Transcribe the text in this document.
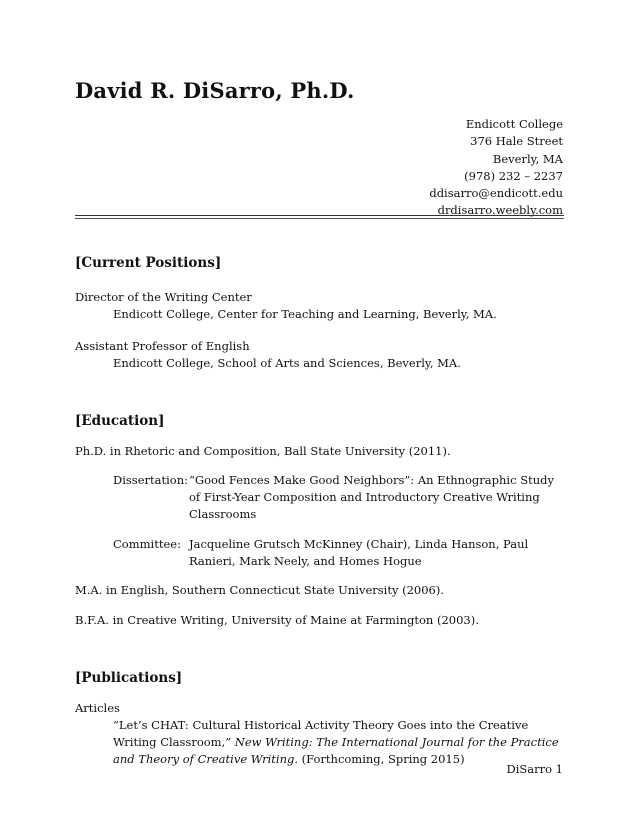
David R. DiSarro, Ph.D.
Endicott College
376 Hale Street
Beverly, MA
(978) 232 – 2237
ddisarro@endicott.edu
drdisarro.weebly.com
[Current Positions]
Director of the Writing Center
Endicott College, Center for Teaching and Learning, Beverly, MA.
Assistant Professor of English
Endicott College, School of Arts and Sciences, Beverly, MA.
[Education]
Ph.D. in Rhetoric and Composition, Ball State University (2011).
Dissertation: “Good Fences Make Good Neighbors”: An Ethnographic Study of First-Year Composition and Introductory Creative Writing Classrooms
Committee: Jacqueline Grutsch McKinney (Chair), Linda Hanson, Paul Ranieri, Mark Neely, and Homes Hogue
M.A. in English, Southern Connecticut State University (2006).
B.F.A. in Creative Writing, University of Maine at Farmington (2003).
[Publications]
Articles
“Let’s CHAT: Cultural Historical Activity Theory Goes into the Creative Writing Classroom,” New Writing: The International Journal for the Practice and Theory of Creative Writing. (Forthcoming, Spring 2015)
DiSarro 1
